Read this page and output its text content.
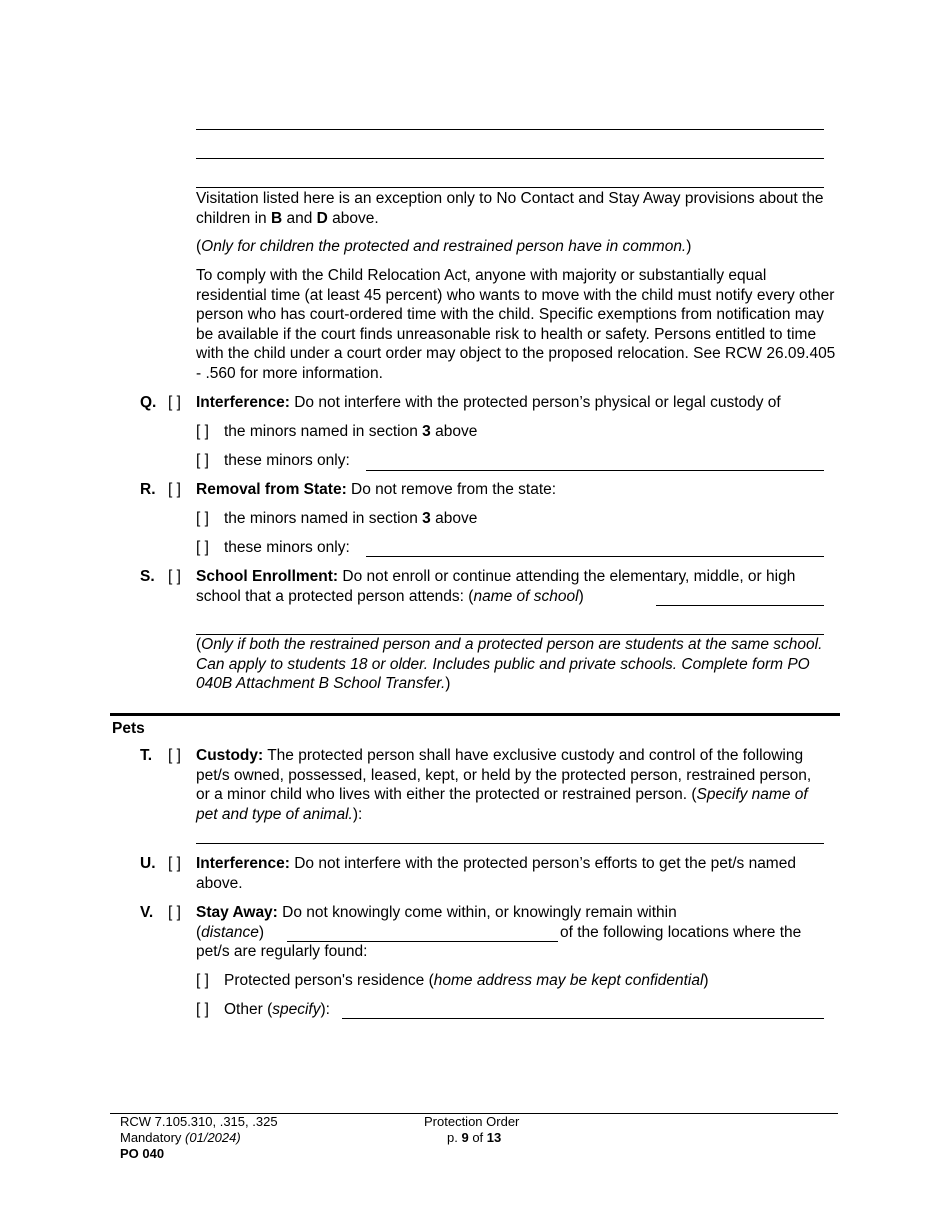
Visitation listed here is an exception only to No Contact and Stay Away provisions about the children in B and D above.

(Only for children the protected and restrained person have in common.)

To comply with the Child Relocation Act, anyone with majority or substantially equal residential time (at least 45 percent) who wants to move with the child must notify every other person who has court-ordered time with the child. Specific exemptions from notification may be available if the court finds unreasonable risk to health or safety. Persons entitled to time with the child under a court order may object to the proposed relocation. See RCW 26.09.405 - .560 for more information.

Q. [ ] Interference: Do not interfere with the protected person’s physical or legal custody of
[ ] the minors named in section 3 above
[ ] these minors only:
R. [ ] Removal from State: Do not remove from the state:
[ ] the minors named in section 3 above
[ ] these minors only:
S. [ ] School Enrollment: Do not enroll or continue attending the elementary, middle, or high school that a protected person attends: (name of school)

(Only if both the restrained person and a protected person are students at the same school. Can apply to students 18 or older. Includes public and private schools. Complete form PO 040B Attachment B School Transfer.)

Pets
T. [ ] Custody: The protected person shall have exclusive custody and control of the following pet/s owned, possessed, leased, kept, or held by the protected person, restrained person, or a minor child who lives with either the protected or restrained person. (Specify name of pet and type of animal.):

U. [ ] Interference: Do not interfere with the protected person’s efforts to get the pet/s named above.

V. [ ] Stay Away: Do not knowingly come within, or knowingly remain within
(distance)	of the following locations where the
pet/s are regularly found:
[ ] Protected person's residence (home address may be kept confidential)
[ ] Other (specify):
RCW 7.105.310, .315, .325
Mandatory (01/2024)
PO 040
Protection Order
p. 9 of 13
